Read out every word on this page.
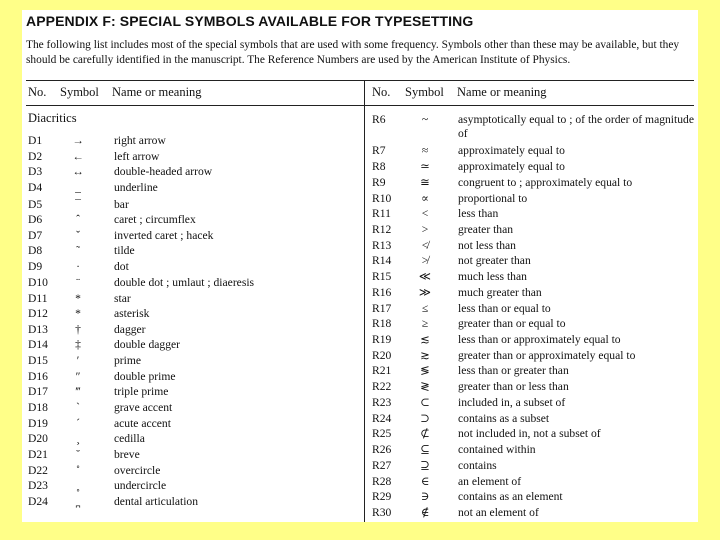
APPENDIX F: SPECIAL SYMBOLS AVAILABLE FOR TYPESETTING
The following list includes most of the special symbols that are used with some frequency. Symbols other than these may be available, but they should be carefully identified in the manuscript. The Reference Numbers are used by the American Institute of Physics.
No. Symbol Name or meaning	No. Symbol Name or meaning
Diacritics
D1	→	right arrow
D2	←	left arrow
D3	↔	double-headed arrow
D4	_	underline
D5	¯	bar
D6	ˆ	caret ; circumflex
D7	ˇ	inverted caret ; hacek
D8	˜	tilde
D9	·	dot
D10	¨	double dot ; umlaut ; diaeresis
D11	*	star
D12	*	asterisk
D13	†	dagger
D14	‡	double dagger
D15	′	prime
D16	″	double prime
D17	‴	triple prime
D18	`	grave accent
D19	´	acute accent
D20	¸	cedilla
D21	˘	breve
D22	˚	overcircle
D23	˳	undercircle
D24	dental articulation
R6	~	asymptotically equal to ; of the order of magnitude of
R7	≈	approximately equal to
R8	≃	approximately equal to
R9	≅	congruent to ; approximately equal to
R10	∝	proportional to
R11	<	less than
R12	>	greater than
R13	≮	not less than
R14	≯	not greater than
R15	≪	much less than
R16	≫	much greater than
R17	≤	less than or equal to
R18	≥	greater than or equal to
R19	≲	less than or approximately equal to
R20	≳	greater than or approximately equal to
R21	≶	less than or greater than
R22	≷	greater than or less than
R23	⊂	included in, a subset of
R24	⊃	contains as a subset
R25	⊄	not included in, not a subset of
R26	⊆	contained within
R27	⊇	contains
R28	∈	an element of
R29	∋	contains as an element
R30	∉	not an element of
